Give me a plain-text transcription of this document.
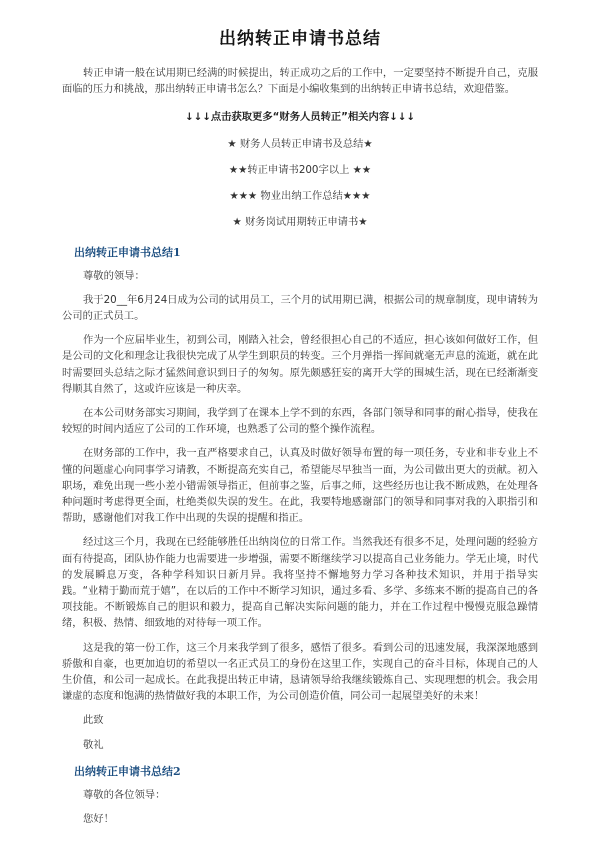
出纳转正申请书总结

转正申请一般在试用期已经满的时候提出，转正成功之后的工作中，一定要坚持不断提升自己，克服面临的压力和挑战，那出纳转正申请书怎么？下面是小编收集到的出纳转正申请书总结，欢迎借鉴。

↓↓↓点击获取更多“财务人员转正”相关内容↓↓↓

★ 财务人员转正申请书及总结★
★★转正申请书200字以上 ★★
★★★ 物业出纳工作总结★★★
★ 财务岗试用期转正申请书★
出纳转正申请书总结1

尊敬的领导：

我于20__年6月24日成为公司的试用员工，三个月的试用期已满，根据公司的规章制度，现申请转为公司的正式员工。

作为一个应届毕业生，初到公司，刚踏入社会，曾经很担心自己的不适应，担心该如何做好工作，但是公司的文化和理念让我很快完成了从学生到职员的转变。三个月弹指一挥间就毫无声息的流逝，就在此时需要回头总结之际才猛然间意识到日子的匆匆。原先颇感狂妄的离开大学的围城生活，现在已经渐渐变得顺其自然了，这或许应该是一种庆幸。

在本公司财务部实习期间，我学到了在课本上学不到的东西，各部门领导和同事的耐心指导，使我在较短的时间内适应了公司的工作环境，也熟悉了公司的整个操作流程。

在财务部的工作中，我一直严格要求自己，认真及时做好领导布置的每一项任务，专业和非专业上不懂的问题虚心向同事学习请教，不断提高充实自己，希望能尽早独当一面，为公司做出更大的贡献。初入职场，难免出现一些小差小错需领导指正，但前事之鉴，后事之师，这些经历也让我不断成熟，在处理各种问题时考虑得更全面，杜绝类似失误的发生。在此，我要特地感谢部门的领导和同事对我的入职指引和帮助，感谢他们对我工作中出现的失误的提醒和指正。

经过这三个月，我现在已经能够胜任出纳岗位的日常工作。当然我还有很多不足，处理问题的经验方面有待提高，团队协作能力也需要进一步增强，需要不断继续学习以提高自己业务能力。学无止境，时代的发展瞬息万变，各种学科知识日新月异。我将坚持不懈地努力学习各种技术知识，并用于指导实践。“业精于勤而荒于嬉”，在以后的工作中不断学习知识，通过多看、多学、多练来不断的提高自己的各项技能。不断锻炼自己的胆识和毅力，提高自己解决实际问题的能力，并在工作过程中慢慢克服急躁情绪，积极、热情、细致地的对待每一项工作。

这是我的第一份工作，这三个月来我学到了很多，感悟了很多。看到公司的迅速发展，我深深地感到骄傲和自豪，也更加迫切的希望以一名正式员工的身份在这里工作，实现自己的奋斗目标，体现自己的人生价值，和公司一起成长。在此我提出转正申请，恳请领导给我继续锻炼自己、实现理想的机会。我会用谦虚的态度和饱满的热情做好我的本职工作，为公司创造价值，同公司一起展望美好的未来！

此致

敬礼

出纳转正申请书总结2

尊敬的各位领导：

您好！
